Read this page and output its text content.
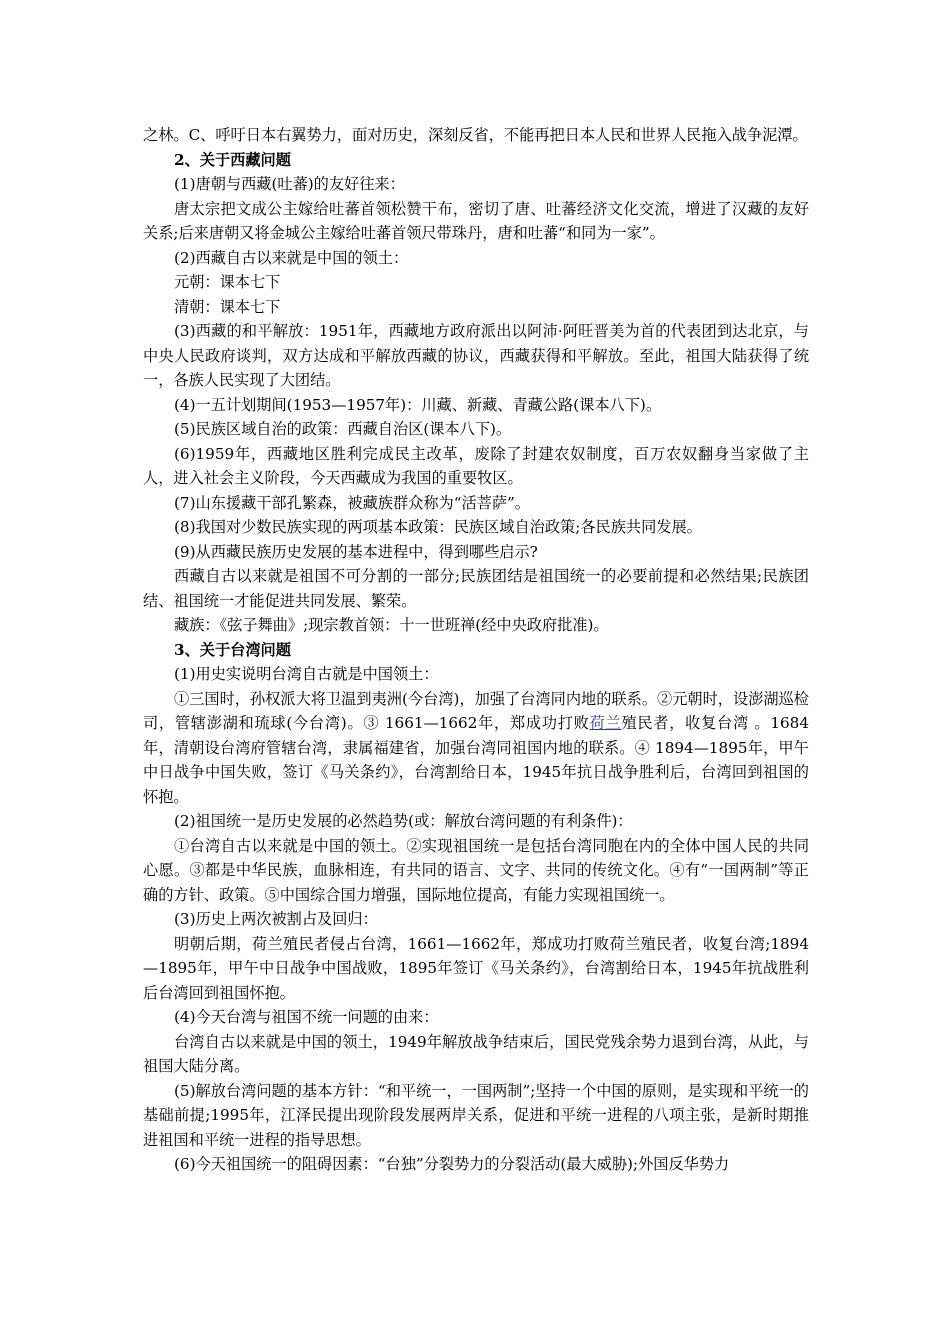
之林。C、呼吁日本右翼势力，面对历史，深刻反省，不能再把日本人民和世界人民拖入战争泥潭。

2、关于西藏问题

(1)唐朝与西藏(吐蕃)的友好往来：

唐太宗把文成公主嫁给吐蕃首领松赞干布，密切了唐、吐蕃经济文化交流，增进了汉藏的友好关系;后来唐朝又将金城公主嫁给吐蕃首领尺带珠丹，唐和吐蕃“和同为一家”。

(2)西藏自古以来就是中国的领土：

元朝：课本七下

清朝：课本七下

(3)西藏的和平解放：1951年，西藏地方政府派出以阿沛·阿旺晋美为首的代表团到达北京，与中央人民政府谈判，双方达成和平解放西藏的协议，西藏获得和平解放。至此，祖国大陆获得了统一，各族人民实现了大团结。

(4)一五计划期间(1953—1957年)：川藏、新藏、青藏公路(课本八下)。

(5)民族区域自治的政策：西藏自治区(课本八下)。

(6)1959年，西藏地区胜利完成民主改革，废除了封建农奴制度，百万农奴翻身当家做了主人，进入社会主义阶段，今天西藏成为我国的重要牧区。

(7)山东援藏干部孔繁森，被藏族群众称为“活菩萨”。

(8)我国对少数民族实现的两项基本政策：民族区域自治政策;各民族共同发展。

(9)从西藏民族历史发展的基本进程中，得到哪些启示?

西藏自古以来就是祖国不可分割的一部分;民族团结是祖国统一的必要前提和必然结果;民族团结、祖国统一才能促进共同发展、繁荣。

藏族：《弦子舞曲》;现宗教首领：十一世班禅(经中央政府批准)。

3、关于台湾问题

(1)用史实说明台湾自古就是中国领土：

①三国时，孙权派大将卫温到夷洲(今台湾)，加强了台湾同内地的联系。②元朝时，设澎湖巡检司，管辖澎湖和琉球(今台湾)。③ 1661—1662年，郑成功打败荷兰殖民者，收复台湾 。1684年，清朝设台湾府管辖台湾，隶属福建省，加强台湾同祖国内地的联系。④ 1894—1895年，甲午中日战争中国失败，签订《马关条约》，台湾割给日本，1945年抗日战争胜利后，台湾回到祖国的怀抱。

(2)祖国统一是历史发展的必然趋势(或：解放台湾问题的有利条件)：

①台湾自古以来就是中国的领土。②实现祖国统一是包括台湾同胞在内的全体中国人民的共同心愿。③都是中华民族，血脉相连，有共同的语言、文字、共同的传统文化。④有“一国两制”等正确的方针、政策。⑤中国综合国力增强，国际地位提高，有能力实现祖国统一。

(3)历史上两次被割占及回归：

明朝后期，荷兰殖民者侵占台湾，1661—1662年，郑成功打败荷兰殖民者，收复台湾;1894—1895年，甲午中日战争中国战败，1895年签订《马关条约》，台湾割给日本，1945年抗战胜利后台湾回到祖国怀抱。

(4)今天台湾与祖国不统一问题的由来：

台湾自古以来就是中国的领土，1949年解放战争结束后，国民党残余势力退到台湾，从此，与祖国大陆分离。

(5)解放台湾问题的基本方针：“和平统一，一国两制”;坚持一个中国的原则，是实现和平统一的基础前提;1995年，江泽民提出现阶段发展两岸关系，促进和平统一进程的八项主张，是新时期推进祖国和平统一进程的指导思想。

(6)今天祖国统一的阻碍因素：“台独”分裂势力的分裂活动(最大威胁);外国反华势力
